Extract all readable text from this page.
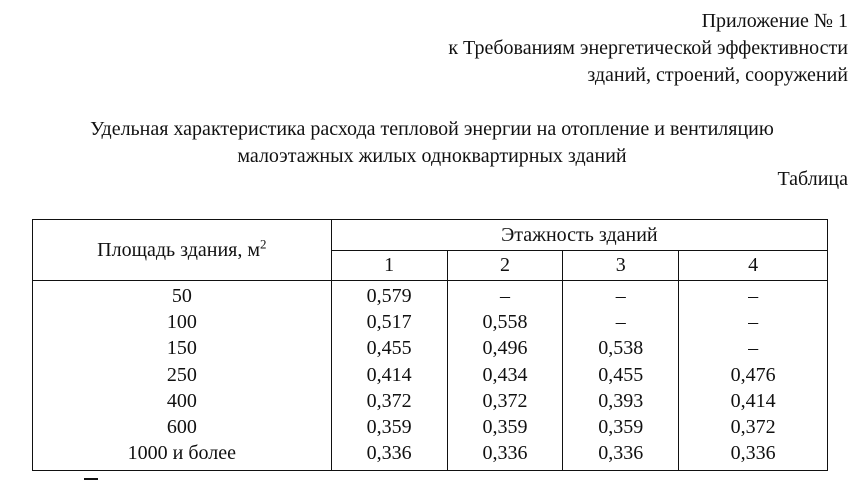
Приложение № 1
к Требованиям энергетической эффективности
зданий, строений, сооружений
Удельная характеристика расхода тепловой энергии на отопление и вентиляцию
малоэтажных жилых одноквартирных зданий
Таблица
Площадь здания, $м^2$	Этажность зданий			
	1	2	3	4
50	0,579	–	–	–
100	0,517	0,558	–	–
150	0,455	0,496	0,538	–
250	0,414	0,434	0,455	0,476
400	0,372	0,372	0,393	0,414
600	0,359	0,359	0,359	0,372
1000 и более	0,336	0,336	0,336	0,336
